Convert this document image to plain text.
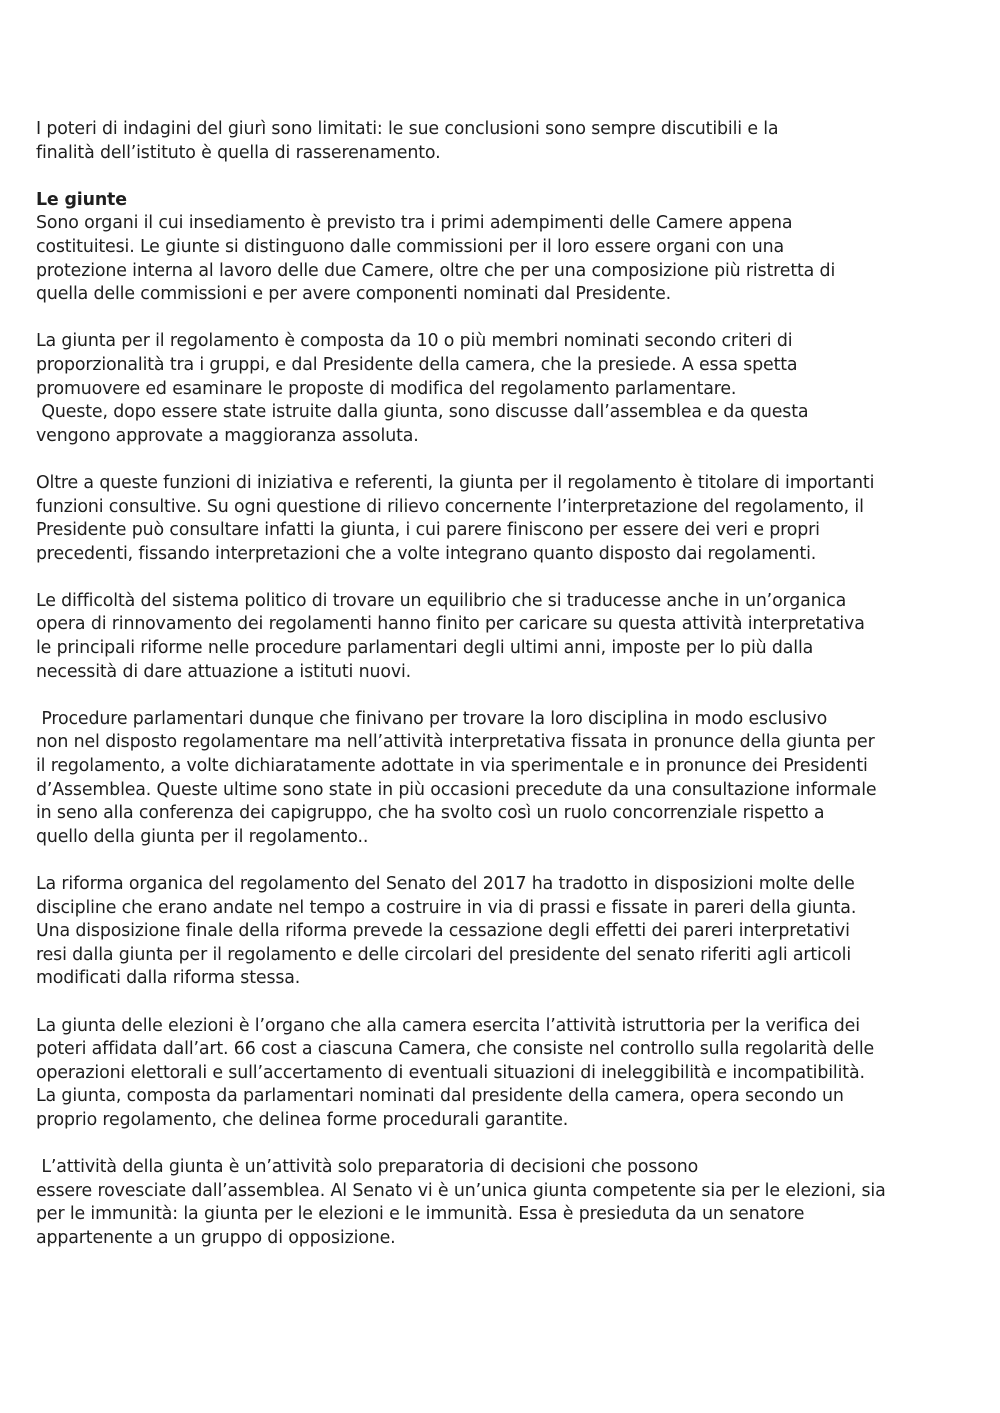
I poteri di indagini del giurì sono limitati: le sue conclusioni sono sempre discutibili e la
finalità dell’istituto è quella di rasserenamento.
Le giunte
Sono organi il cui insediamento è previsto tra i primi adempimenti delle Camere appena
costituitesi. Le giunte si distinguono dalle commissioni per il loro essere organi con una
protezione interna al lavoro delle due Camere, oltre che per una composizione più ristretta di
quella delle commissioni e per avere componenti nominati dal Presidente.
La giunta per il regolamento è composta da 10 o più membri nominati secondo criteri di
proporzionalità tra i gruppi, e dal Presidente della camera, che la presiede. A essa spetta
promuovere ed esaminare le proposte di modifica del regolamento parlamentare.
Queste, dopo essere state istruite dalla giunta, sono discusse dall’assemblea e da questa
vengono approvate a maggioranza assoluta.
Oltre a queste funzioni di iniziativa e referenti, la giunta per il regolamento è titolare di importanti
funzioni consultive. Su ogni questione di rilievo concernente l’interpretazione del regolamento, il
Presidente può consultare infatti la giunta, i cui parere finiscono per essere dei veri e propri
precedenti, fissando interpretazioni che a volte integrano quanto disposto dai regolamenti.
Le difficoltà del sistema politico di trovare un equilibrio che si traducesse anche in un’organica
opera di rinnovamento dei regolamenti hanno finito per caricare su questa attività interpretativa
le principali riforme nelle procedure parlamentari degli ultimi anni, imposte per lo più dalla
necessità di dare attuazione a istituti nuovi.
Procedure parlamentari dunque che finivano per trovare la loro disciplina in modo esclusivo
non nel disposto regolamentare ma nell’attività interpretativa fissata in pronunce della giunta per
il regolamento, a volte dichiaratamente adottate in via sperimentale e in pronunce dei Presidenti
d’Assemblea. Queste ultime sono state in più occasioni precedute da una consultazione informale
in seno alla conferenza dei capigruppo, che ha svolto così un ruolo concorrenziale rispetto a
quello della giunta per il regolamento..
La riforma organica del regolamento del Senato del 2017 ha tradotto in disposizioni molte delle
discipline che erano andate nel tempo a costruire in via di prassi e fissate in pareri della giunta.
Una disposizione finale della riforma prevede la cessazione degli effetti dei pareri interpretativi
resi dalla giunta per il regolamento e delle circolari del presidente del senato riferiti agli articoli
modificati dalla riforma stessa.
La giunta delle elezioni è l’organo che alla camera esercita l’attività istruttoria per la verifica dei
poteri affidata dall’art. 66 cost a ciascuna Camera, che consiste nel controllo sulla regolarità delle
operazioni elettorali e sull’accertamento di eventuali situazioni di ineleggibilità e incompatibilità.
La giunta, composta da parlamentari nominati dal presidente della camera, opera secondo un
proprio regolamento, che delinea forme procedurali garantite.
L’attività della giunta è un’attività solo preparatoria di decisioni che possono
essere rovesciate dall’assemblea. Al Senato vi è un’unica giunta competente sia per le elezioni, sia
per le immunità: la giunta per le elezioni e le immunità. Essa è presieduta da un senatore
appartenente a un gruppo di opposizione.
